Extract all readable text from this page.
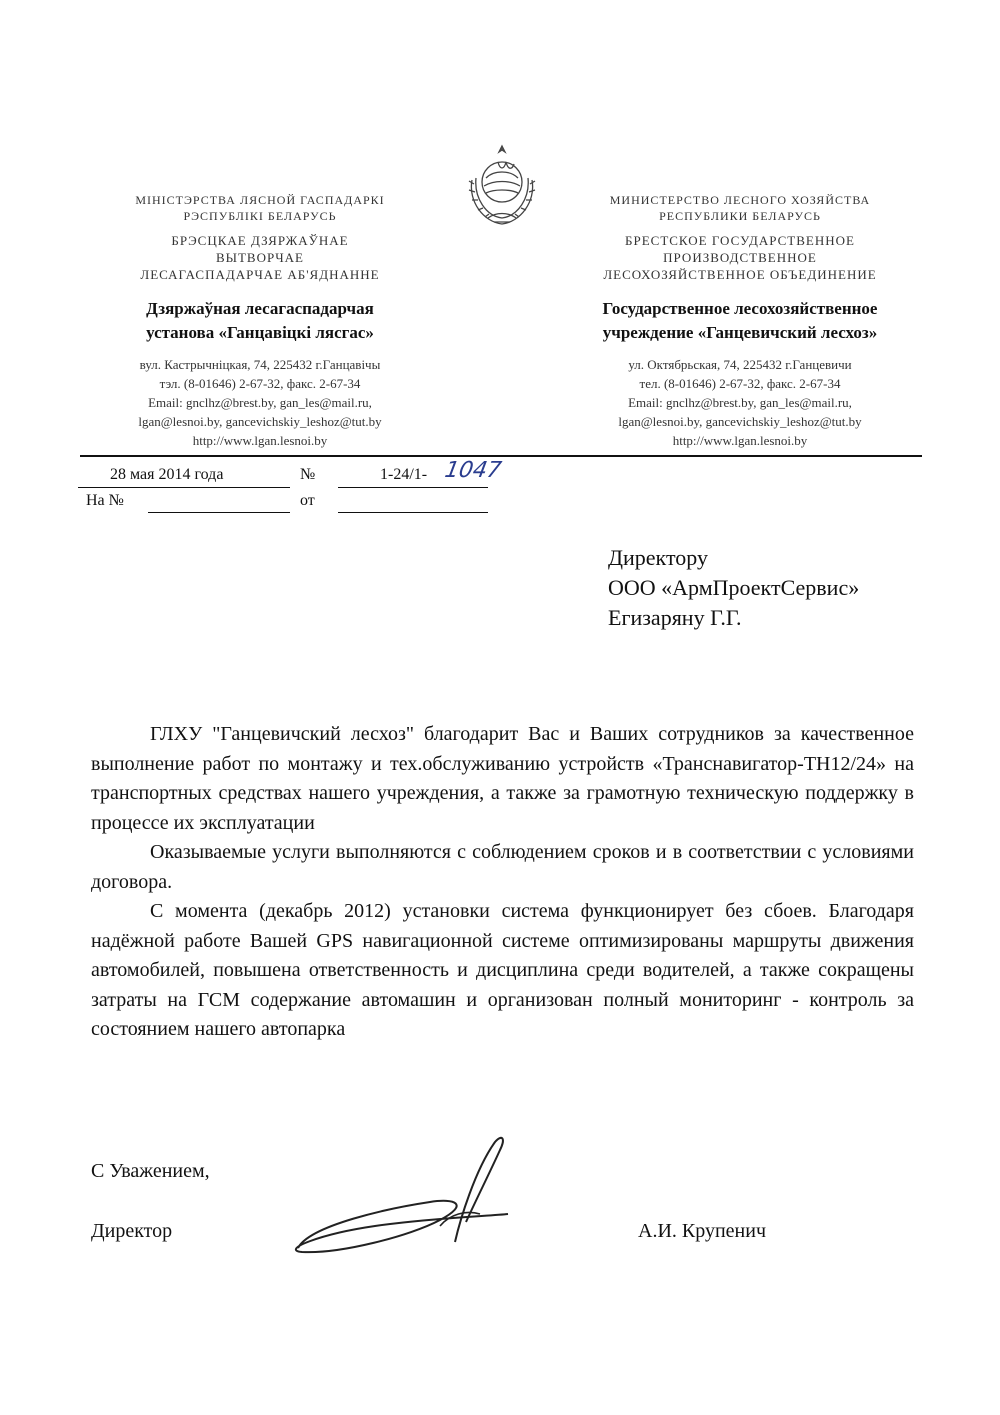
МІНІСТЭРСТВА ЛЯСНОЙ ГАСПАДАРКІ
РЭСПУБЛІКІ БЕЛАРУСЬ
БРЭСЦКАЕ ДЗЯРЖАЎНАЕ
ВЫТВОРЧАЕ
ЛЕСАГАСПАДАРЧАЕ АБ'ЯДНАННЕ
Дзяржаўная лесагаспадарчая
установа «Ганцавіцкі лясгас»
вул. Кастрычніцкая, 74, 225432 г.Ганцавічы
тэл. (8-01646) 2-67-32, факс. 2-67-34
Email: gnclhz@brest.by, gan_les@mail.ru,
lgan@lesnoi.by, gancevichskiy_leshoz@tut.by
http://www.lgan.lesnoi.by
МИНИСТЕРСТВО ЛЕСНОГО ХОЗЯЙСТВА
РЕСПУБЛИКИ БЕЛАРУСЬ
БРЕСТСКОЕ ГОСУДАРСТВЕННОЕ
ПРОИЗВОДСТВЕННОЕ
ЛЕСОХОЗЯЙСТВЕННОЕ ОБЪЕДИНЕНИЕ
Государственное лесохозяйственное
учреждение «Ганцевичский лесхоз»
ул. Октябрьская, 74, 225432 г.Ганцевичи
тел. (8-01646) 2-67-32, факс. 2-67-34
Email: gnclhz@brest.by, gan_les@mail.ru,
lgan@lesnoi.by, gancevichskiy_leshoz@tut.by
http://www.lgan.lesnoi.by
28 мая 2014 года	№	1-24/1- 1047
На №	от
Директору
ООО «АрмПроектСервис»
Егизаряну Г.Г.

ГЛХУ "Ганцевичский лесхоз" благодарит Вас и Ваших сотрудников за качественное выполнение работ по монтажу и тех.обслуживанию устройств «Транснавигатор-ТН12/24» на транспортных средствах нашего учреждения, а также за грамотную техническую поддержку в процессе их эксплуатации

Оказываемые услуги выполняются с соблюдением сроков и в соответствии с условиями договора.

С момента (декабрь 2012) установки система функционирует без сбоев. Благодаря надёжной работе Вашей GPS навигационной системе оптимизированы маршруты движения автомобилей, повышена ответственность и дисциплина среди водителей, а также сокращены затраты на ГСМ содержание автомашин и организован полный мониторинг - контроль за состоянием нашего автопарка

С Уважением,
Директор	А.И. Крупенич
